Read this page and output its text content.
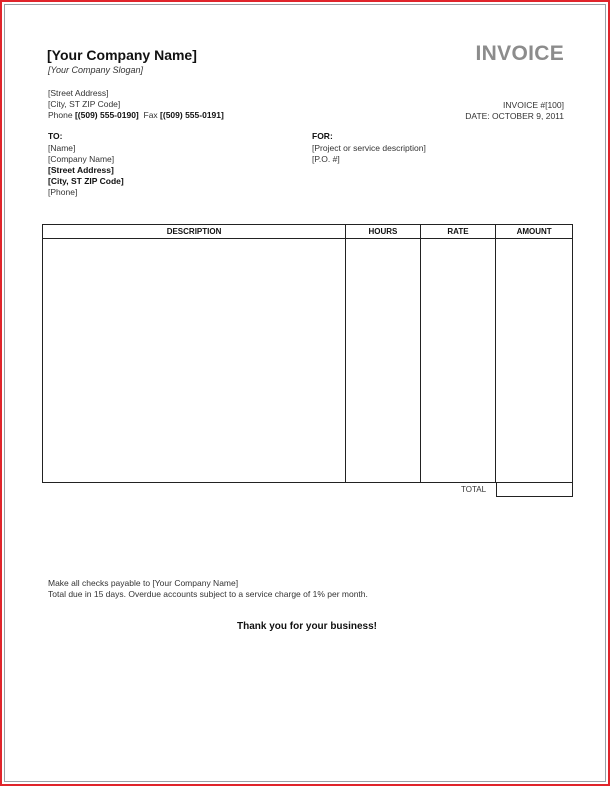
[Your Company Name]
[Your Company Slogan]
INVOICE
[Street Address]
[City, ST ZIP Code]
Phone [(509) 555-0190] Fax [(509) 555-0191]
INVOICE #[100]
DATE: OCTOBER 9, 2011
TO:
[Name]
[Company Name]
[Street Address]
[City, ST ZIP Code]
[Phone]
FOR:
[Project or service description]
[P.O. #]
DESCRIPTION	HOURS	RATE	AMOUNT

TOTAL
Make all checks payable to [Your Company Name]
Total due in 15 days. Overdue accounts subject to a service charge of 1% per month.
Thank you for your business!
